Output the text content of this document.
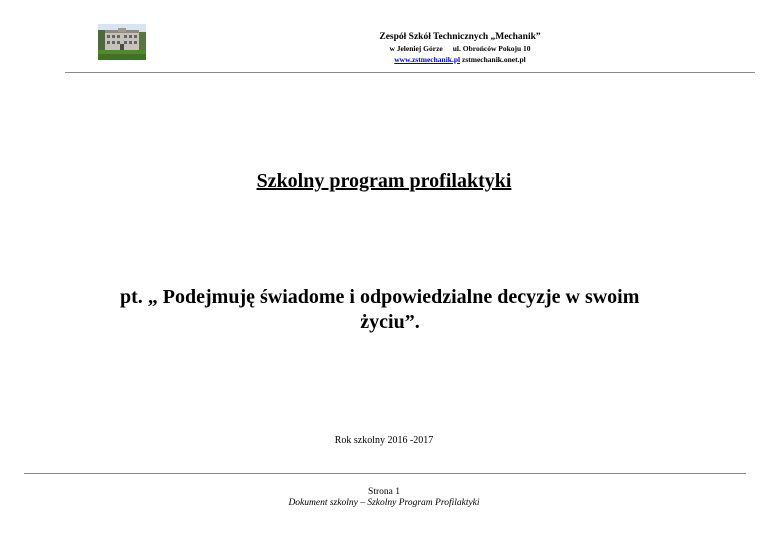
Zespół Szkół Technicznych „Mechanik”
w Jeleniej Górze ul. Obrońców Pokoju 10
www.zstmechanik.pl zstmechanik.onet.pl
Szkolny program profilaktyki
pt. „ Podejmuję świadome i odpowiedzialne decyzje w swoim
życiu”.
Rok szkolny 2016 -2017
Strona 1
Dokument szkolny – Szkolny Program Profilaktyki
